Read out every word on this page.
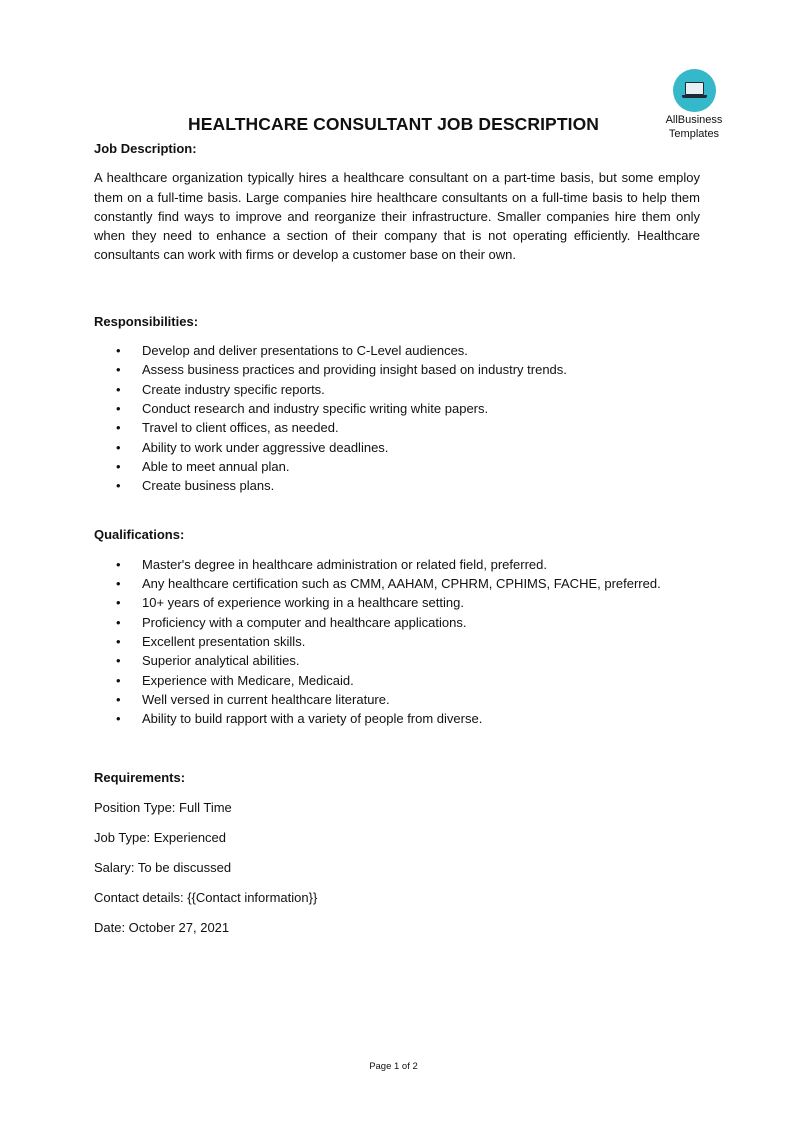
AllBusiness
Templates
HEALTHCARE CONSULTANT JOB DESCRIPTION

Job Description:

A healthcare organization typically hires a healthcare consultant on a part-time basis, but some employ them on a full-time basis. Large companies hire healthcare consultants on a full-time basis to help them constantly find ways to improve and reorganize their infrastructure. Smaller companies hire them only when they need to enhance a section of their company that is not operating efficiently. Healthcare consultants can work with firms or develop a customer base on their own.

Responsibilities:

• Develop and deliver presentations to C-Level audiences.
• Assess business practices and providing insight based on industry trends.
• Create industry specific reports.
• Conduct research and industry specific writing white papers.
• Travel to client offices, as needed.
• Ability to work under aggressive deadlines.
• Able to meet annual plan.
• Create business plans.

Qualifications:

• Master's degree in healthcare administration or related field, preferred.
• Any healthcare certification such as CMM, AAHAM, CPHRM, CPHIMS, FACHE, preferred.
• 10+ years of experience working in a healthcare setting.
• Proficiency with a computer and healthcare applications.
• Excellent presentation skills.
• Superior analytical abilities.
• Experience with Medicare, Medicaid.
• Well versed in current healthcare literature.
• Ability to build rapport with a variety of people from diverse.

Requirements:

Position Type: Full Time

Job Type: Experienced

Salary: To be discussed

Contact details: {{Contact information}}

Date: October 27, 2021

Page 1 of 2
